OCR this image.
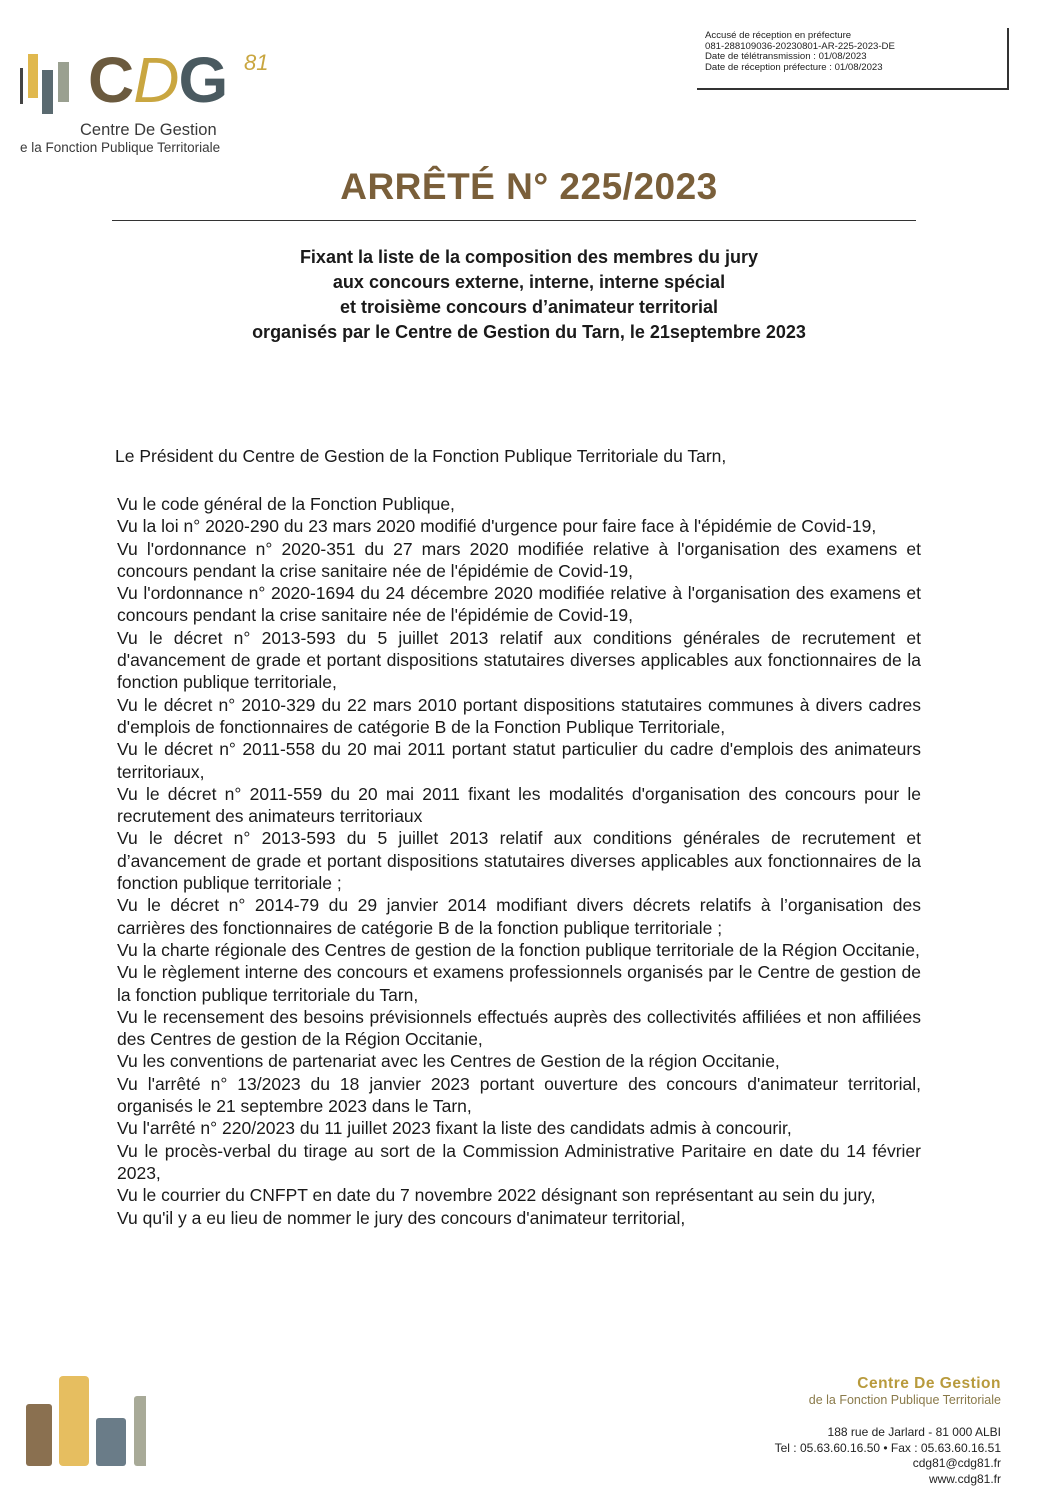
Accusé de réception en préfecture
081-288109036-20230801-AR-225-2023-DE
Date de télétransmission : 01/08/2023
Date de réception préfecture : 01/08/2023
CDG 81
Centre De Gestion
e la Fonction Publique Territoriale
ARRÊTÉ N° 225/2023
Fixant la liste de la composition des membres du jury
aux concours externe, interne, interne spécial
et troisième concours d’animateur territorial
organisés par le Centre de Gestion du Tarn, le 21septembre 2023
Le Président du Centre de Gestion de la Fonction Publique Territoriale du Tarn,

Vu le code général de la Fonction Publique,

Vu la loi n° 2020-290 du 23 mars 2020 modifié d'urgence pour faire face à l'épidémie de Covid-19,

Vu l'ordonnance n° 2020-351 du 27 mars 2020 modifiée relative à l'organisation des examens et concours pendant la crise sanitaire née de l'épidémie de Covid-19,

Vu l'ordonnance n° 2020-1694 du 24 décembre 2020 modifiée relative à l'organisation des examens et concours pendant la crise sanitaire née de l'épidémie de Covid-19,

Vu le décret n° 2013-593 du 5 juillet 2013 relatif aux conditions générales de recrutement et d'avancement de grade et portant dispositions statutaires diverses applicables aux fonctionnaires de la fonction publique territoriale,

Vu le décret n° 2010-329 du 22 mars 2010 portant dispositions statutaires communes à divers cadres d'emplois de fonctionnaires de catégorie B de la Fonction Publique Territoriale,

Vu le décret n° 2011-558 du 20 mai 2011 portant statut particulier du cadre d'emplois des animateurs territoriaux,

Vu le décret n° 2011-559 du 20 mai 2011 fixant les modalités d'organisation des concours pour le recrutement des animateurs territoriaux

Vu le décret n° 2013-593 du 5 juillet 2013 relatif aux conditions générales de recrutement et d’avancement de grade et portant dispositions statutaires diverses applicables aux fonctionnaires de la fonction publique territoriale ;

Vu le décret n° 2014-79 du 29 janvier 2014 modifiant divers décrets relatifs à l’organisation des carrières des fonctionnaires de catégorie B de la fonction publique territoriale ;

Vu la charte régionale des Centres de gestion de la fonction publique territoriale de la Région Occitanie,

Vu le règlement interne des concours et examens professionnels organisés par le Centre de gestion de la fonction publique territoriale du Tarn,

Vu le recensement des besoins prévisionnels effectués auprès des collectivités affiliées et non affiliées des Centres de gestion de la Région Occitanie,

Vu les conventions de partenariat avec les Centres de Gestion de la région Occitanie,

Vu l'arrêté n° 13/2023 du 18 janvier 2023 portant ouverture des concours d'animateur territorial, organisés le 21 septembre 2023 dans le Tarn,

Vu l'arrêté n° 220/2023 du 11 juillet 2023 fixant la liste des candidats admis à concourir,

Vu le procès-verbal du tirage au sort de la Commission Administrative Paritaire en date du 14 février 2023,

Vu le courrier du CNFPT en date du 7 novembre 2022 désignant son représentant au sein du jury,

Vu qu'il y a eu lieu de nommer le jury des concours d'animateur territorial,

Centre De Gestion
de la Fonction Publique Territoriale
188 rue de Jarlard - 81 000 ALBI
Tel : 05.63.60.16.50 • Fax : 05.63.60.16.51
cdg81@cdg81.fr
www.cdg81.fr
